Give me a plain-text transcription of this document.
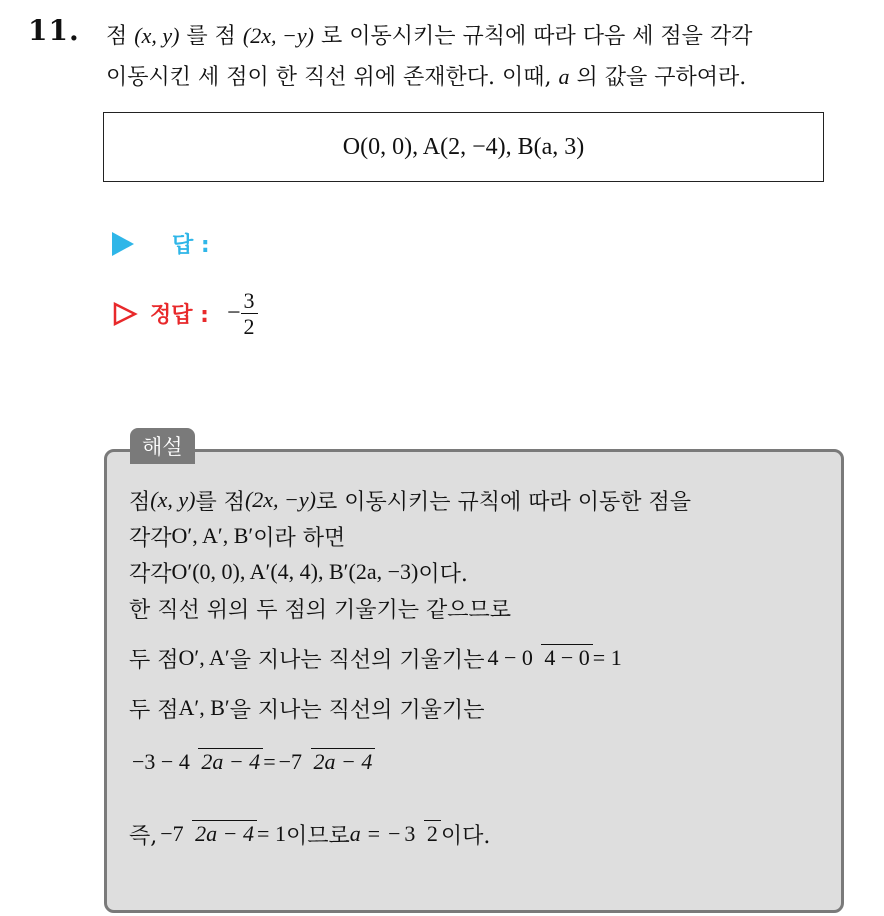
11. 점 (x, y) 를 점 (2x, −y) 로 이동시키는 규칙에 따라 다음 세 점을 각각
이동시킨 세 점이 한 직선 위에 존재한다. 이때, a 의 값을 구하여라.
O(0, 0), A(2, −4), B(a, 3)
답 :
정답 : − $\frac{3}{2}$
해설
점 (x, y) 를 점 (2x, −y) 로 이동시키는 규칙에 따라 이동한 점을
각각 O′, A′, B′ 이라 하면
각각 O′(0, 0), A′(4, 4), B′(2a, −3) 이다.
한 직선 위의 두 점의 기울기는 같으므로
두 점 O′, A′ 을 지나는 직선의 기울기는 4 − 0 4 − 0 = 1
두 점 A′, B′ 을 지나는 직선의 기울기는
−3 − 4 2a − 4 = −7 2a − 4
즉, −7 2a − 4 = 1 이므로 a = − 3 2 이다.
